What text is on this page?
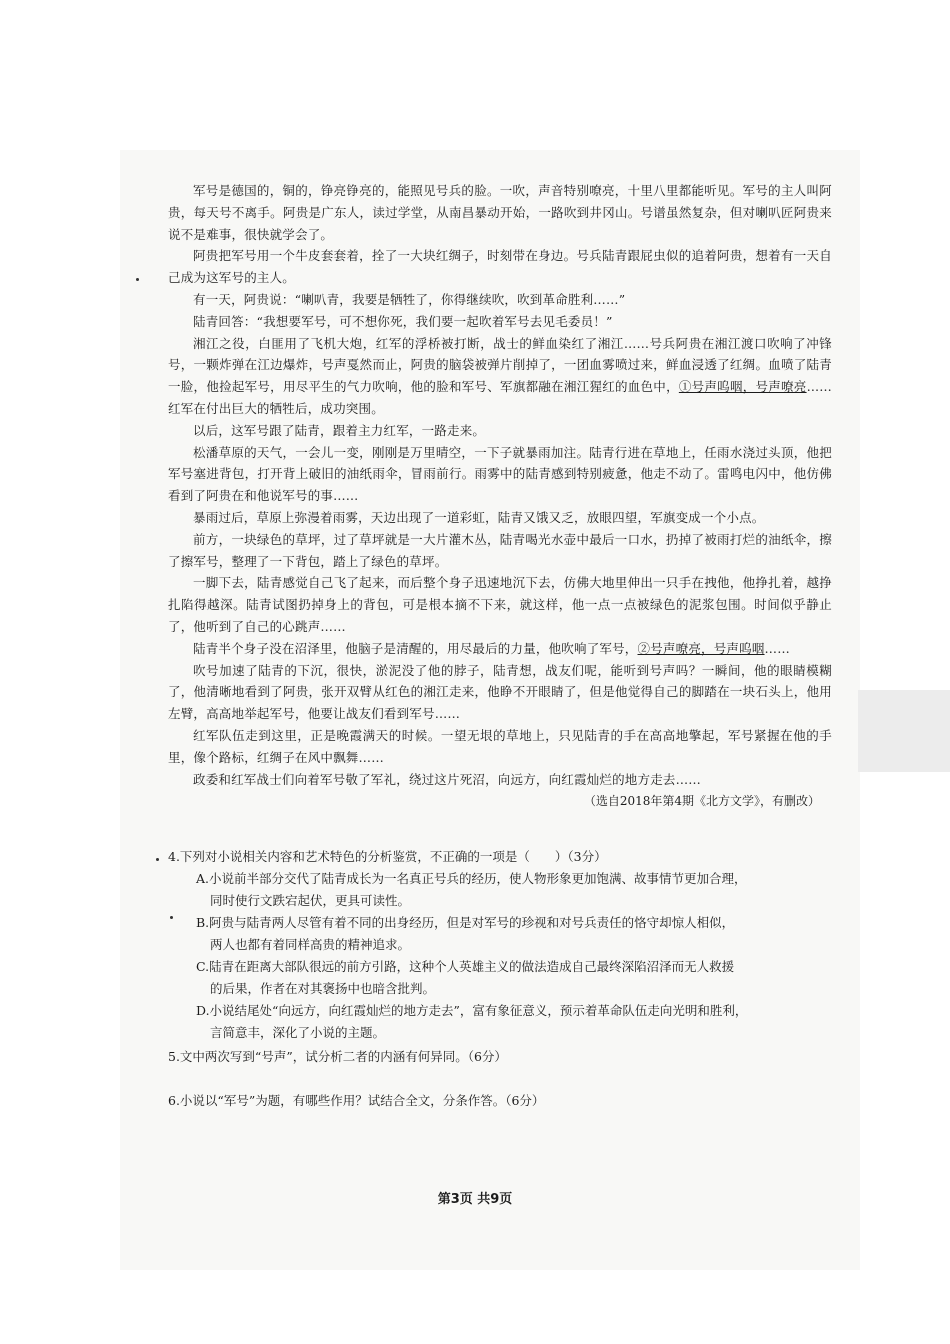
军号是德国的，铜的，铮亮铮亮的，能照见号兵的脸。一吹，声音特别嘹亮，十里八里都能听见。军号的主人叫阿贵，每天号不离手。阿贵是广东人，读过学堂，从南昌暴动开始，一路吹到井冈山。号谱虽然复杂，但对喇叭匠阿贵来说不是难事，很快就学会了。

阿贵把军号用一个牛皮套套着，拴了一大块红绸子，时刻带在身边。号兵陆青跟屁虫似的追着阿贵，想着有一天自己成为这军号的主人。

有一天，阿贵说：“喇叭青，我要是牺牲了，你得继续吹，吹到革命胜利……”

陆青回答：“我想要军号，可不想你死，我们要一起吹着军号去见毛委员！”

湘江之役，白匪用了飞机大炮，红军的浮桥被打断，战士的鲜血染红了湘江……号兵阿贵在湘江渡口吹响了冲锋号，一颗炸弹在江边爆炸，号声戛然而止，阿贵的脑袋被弹片削掉了，一团血雾喷过来，鲜血浸透了红绸。血喷了陆青一脸，他捡起军号，用尽平生的气力吹响，他的脸和军号、军旗都融在湘江猩红的血色中，①号声呜咽，号声嘹亮……红军在付出巨大的牺牲后，成功突围。

以后，这军号跟了陆青，跟着主力红军，一路走来。

松潘草原的天气，一会儿一变，刚刚是万里晴空，一下子就暴雨加注。陆青行进在草地上，任雨水浇过头顶，他把军号塞进背包，打开背上破旧的油纸雨伞，冒雨前行。雨雾中的陆青感到特别疲惫，他走不动了。雷鸣电闪中，他仿佛看到了阿贵在和他说军号的事……

暴雨过后，草原上弥漫着雨雾，天边出现了一道彩虹，陆青又饿又乏，放眼四望，军旗变成一个小点。

前方，一块绿色的草坪，过了草坪就是一大片灌木丛，陆青喝光水壶中最后一口水，扔掉了被雨打烂的油纸伞，擦了擦军号，整理了一下背包，踏上了绿色的草坪。

一脚下去，陆青感觉自己飞了起来，而后整个身子迅速地沉下去，仿佛大地里伸出一只手在拽他，他挣扎着，越挣扎陷得越深。陆青试图扔掉身上的背包，可是根本摘不下来，就这样，他一点一点被绿色的泥浆包围。时间似乎静止了，他听到了自己的心跳声……

陆青半个身子没在沼泽里，他脑子是清醒的，用尽最后的力量，他吹响了军号，②号声嘹亮，号声呜咽……

吹号加速了陆青的下沉，很快，淤泥没了他的脖子，陆青想，战友们呢，能听到号声吗？一瞬间，他的眼睛模糊了，他清晰地看到了阿贵，张开双臂从红色的湘江走来，他睁不开眼睛了，但是他觉得自己的脚踏在一块石头上，他用左臂，高高地举起军号，他要让战友们看到军号……

红军队伍走到这里，正是晚霞满天的时候。一望无垠的草地上，只见陆青的手在高高地擎起，军号紧握在他的手里，像个路标，红绸子在风中飘舞……

政委和红军战士们向着军号敬了军礼，绕过这片死沼，向远方，向红霞灿烂的地方走去……

（选自2018年第4期《北方文学》，有删改）

4.下列对小说相关内容和艺术特色的分析鉴赏，不正确的一项是（　　）（3分）

A.小说前半部分交代了陆青成长为一名真正号兵的经历，使人物形象更加饱满、故事情节更加合理，

同时使行文跌宕起伏，更具可读性。

B.阿贵与陆青两人尽管有着不同的出身经历，但是对军号的珍视和对号兵责任的恪守却惊人相似，

两人也都有着同样高贵的精神追求。

C.陆青在距离大部队很远的前方引路，这种个人英雄主义的做法造成自己最终深陷沼泽而无人救援

的后果，作者在对其褒扬中也暗含批判。

D.小说结尾处“向远方，向红霞灿烂的地方走去”，富有象征意义，预示着革命队伍走向光明和胜利，

言简意丰，深化了小说的主题。

5.文中两次写到“号声”，试分析二者的内涵有何异同。（6分）

6.小说以“军号”为题，有哪些作用？试结合全文，分条作答。（6分）

第3页 共9页
